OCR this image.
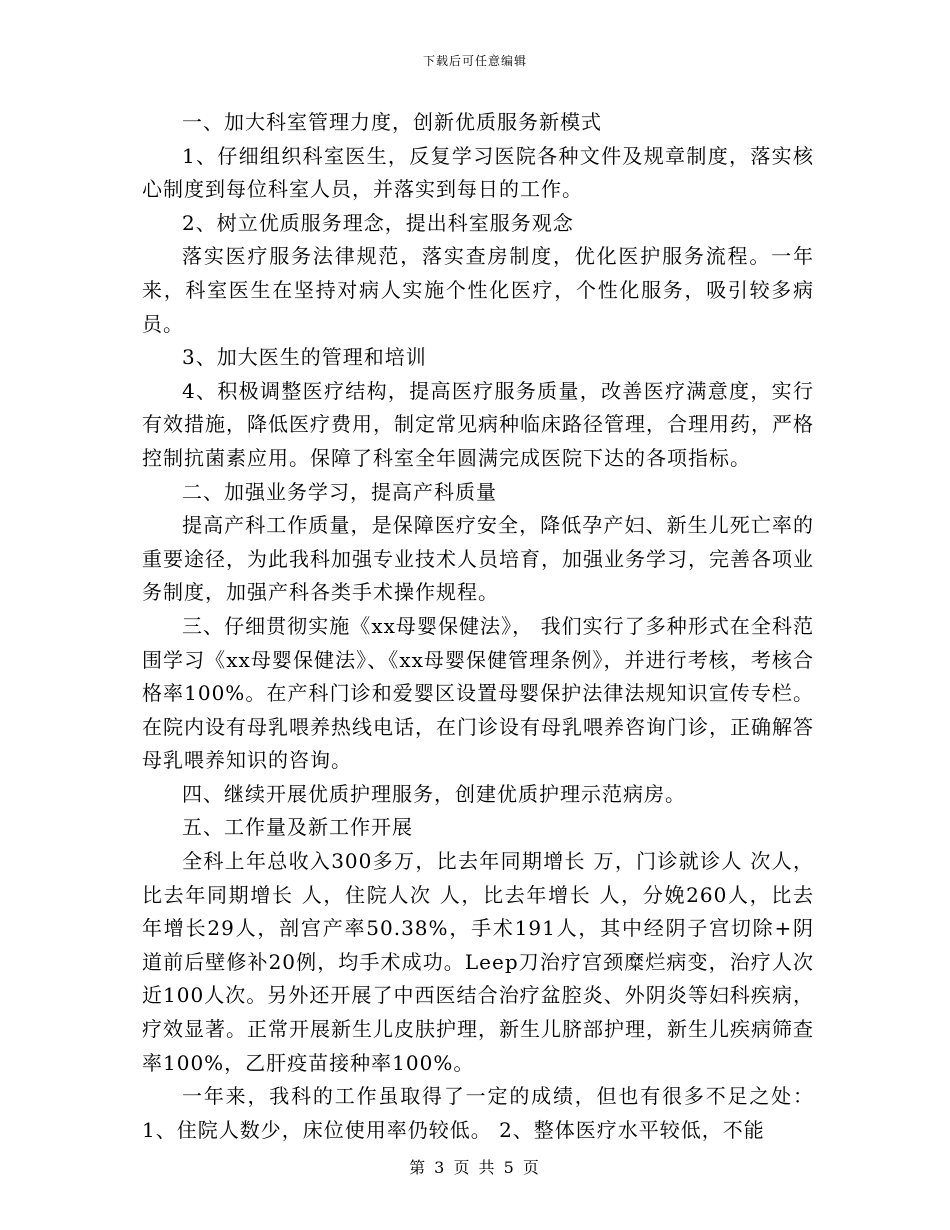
下载后可任意编辑

一、加大科室管理力度，创新优质服务新模式

1、仔细组织科室医生，反复学习医院各种文件及规章制度，落实核心制度到每位科室人员，并落实到每日的工作。

2、树立优质服务理念，提出科室服务观念

落实医疗服务法律规范，落实查房制度，优化医护服务流程。一年来，科室医生在坚持对病人实施个性化医疗，个性化服务，吸引较多病员。

3、加大医生的管理和培训

4、积极调整医疗结构，提高医疗服务质量，改善医疗满意度，实行有效措施，降低医疗费用，制定常见病种临床路径管理，合理用药，严格控制抗菌素应用。保障了科室全年圆满完成医院下达的各项指标。

二、加强业务学习，提高产科质量

提高产科工作质量，是保障医疗安全，降低孕产妇、新生儿死亡率的重要途径，为此我科加强专业技术人员培育，加强业务学习，完善各项业务制度，加强产科各类手术操作规程。

三、仔细贯彻实施《xx母婴保健法》， 我们实行了多种形式在全科范围学习《xx母婴保健法》、《xx母婴保健管理条例》，并进行考核，考核合格率100%。在产科门诊和爱婴区设置母婴保护法律法规知识宣传专栏。在院内设有母乳喂养热线电话，在门诊设有母乳喂养咨询门诊，正确解答母乳喂养知识的咨询。

四、继续开展优质护理服务，创建优质护理示范病房。

五、工作量及新工作开展

全科上年总收入300多万，比去年同期增长 万，门诊就诊人 次人，比去年同期增长 人，住院人次 人，比去年增长 人，分娩260人，比去年增长29人，剖宫产率50.38%，手术191人，其中经阴子宫切除+阴道前后壁修补20例，均手术成功。Leep刀治疗宫颈糜烂病变，治疗人次近100人次。另外还开展了中西医结合治疗盆腔炎、外阴炎等妇科疾病，疗效显著。正常开展新生儿皮肤护理，新生儿脐部护理，新生儿疾病筛查率100%，乙肝疫苗接种率100%。

一年来，我科的工作虽取得了一定的成绩，但也有很多不足之处：1、住院人数少，床位使用率仍较低。 2、整体医疗水平较低，不能

第 3 页 共 5 页
